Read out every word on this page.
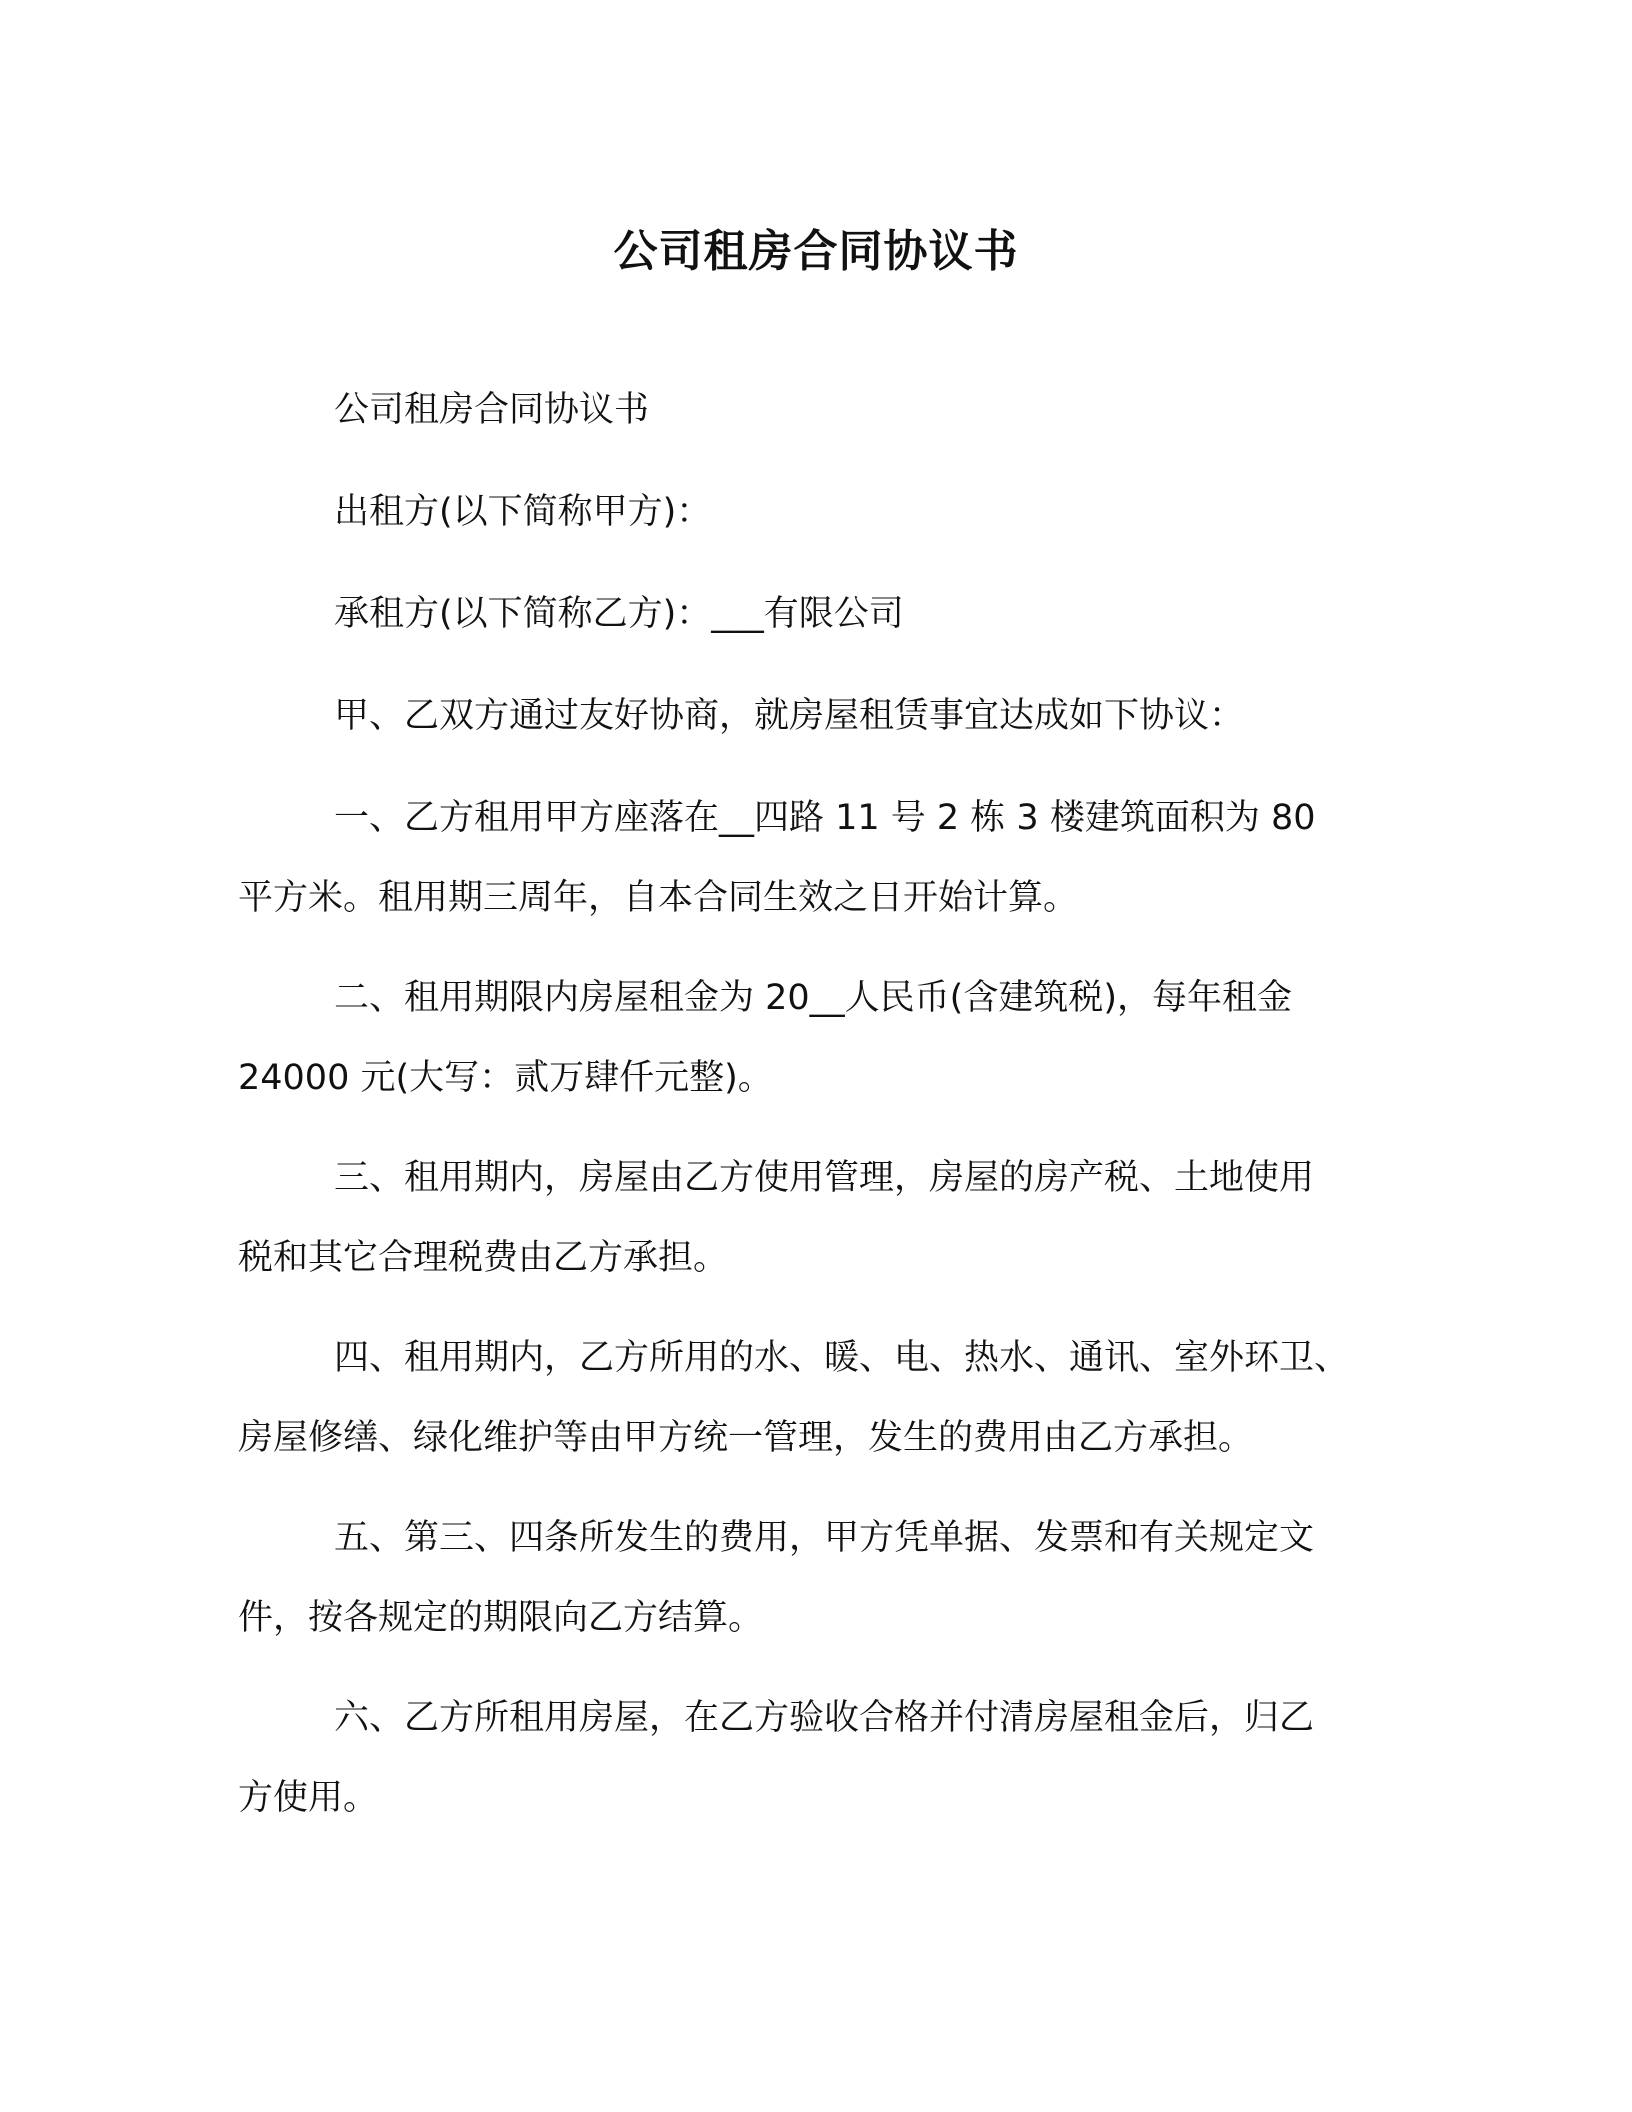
公司租房合同协议书
公司租房合同协议书
出租方(以下简称甲方)：
承租方(以下简称乙方)：___有限公司
甲、乙双方通过友好协商，就房屋租赁事宜达成如下协议：
一、乙方租用甲方座落在__四路 11 号 2 栋 3 楼建筑面积为 80
平方米。租用期三周年，自本合同生效之日开始计算。
二、租用期限内房屋租金为 20__人民币(含建筑税)，每年租金
24000 元(大写：贰万肆仟元整)。
三、租用期内，房屋由乙方使用管理，房屋的房产税、土地使用
税和其它合理税费由乙方承担。
四、租用期内，乙方所用的水、暖、电、热水、通讯、室外环卫、
房屋修缮、绿化维护等由甲方统一管理，发生的费用由乙方承担。
五、第三、四条所发生的费用，甲方凭单据、发票和有关规定文
件，按各规定的期限向乙方结算。
六、乙方所租用房屋，在乙方验收合格并付清房屋租金后，归乙
方使用。
